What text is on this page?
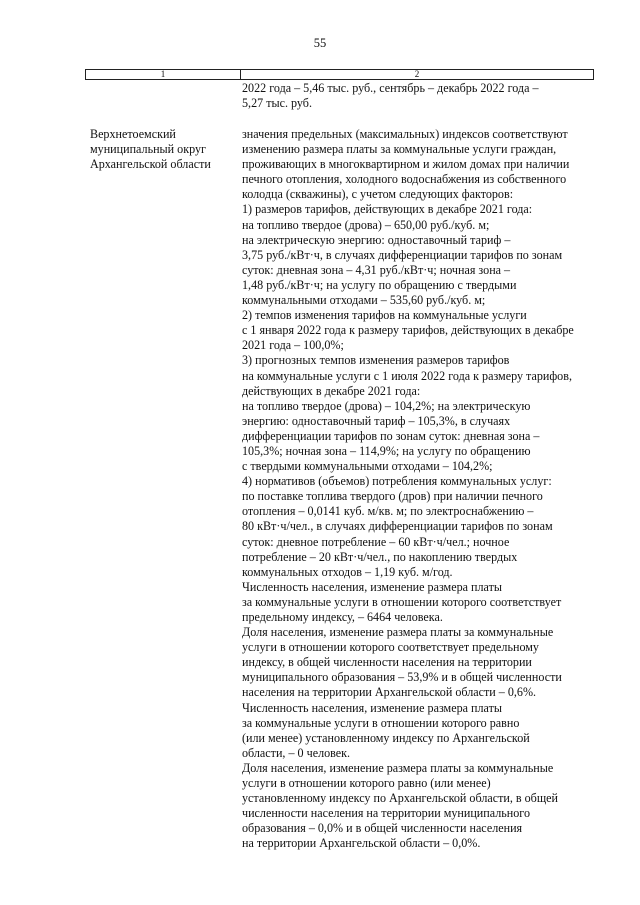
55
1	2
2022 года – 5,46 тыс. руб., сентябрь – декабрь 2022 года –
5,27 тыс. руб.
Верхнетоемский
муниципальный округ
Архангельской области
значения предельных (максимальных) индексов соответствуют
изменению размера платы за коммунальные услуги граждан,
проживающих в многоквартирном и жилом домах при наличии
печного отопления, холодного водоснабжения из собственного
колодца (скважины), с учетом следующих факторов:
1) размеров тарифов, действующих в декабре 2021 года:
на топливо твердое (дрова) – 650,00 руб./куб. м;
на электрическую энергию: одноставочный тариф –
3,75 руб./кВт·ч, в случаях дифференциации тарифов по зонам
суток: дневная зона – 4,31 руб./кВт·ч; ночная зона –
1,48 руб./кВт·ч; на услугу по обращению с твердыми
коммунальными отходами – 535,60 руб./куб. м;
2) темпов изменения тарифов на коммунальные услуги
с 1 января 2022 года к размеру тарифов, действующих в декабре
2021 года – 100,0%;
3) прогнозных темпов изменения размеров тарифов
на коммунальные услуги с 1 июля 2022 года к размеру тарифов,
действующих в декабре 2021 года:
на топливо твердое (дрова) – 104,2%; на электрическую
энергию: одноставочный тариф – 105,3%, в случаях
дифференциации тарифов по зонам суток: дневная зона –
105,3%; ночная зона – 114,9%; на услугу по обращению
с твердыми коммунальными отходами – 104,2%;
4) нормативов (объемов) потребления коммунальных услуг:
по поставке топлива твердого (дров) при наличии печного
отопления – 0,0141 куб. м/кв. м; по электроснабжению –
80 кВт·ч/чел., в случаях дифференциации тарифов по зонам
суток: дневное потребление – 60 кВт·ч/чел.; ночное
потребление – 20 кВт·ч/чел., по накоплению твердых
коммунальных отходов – 1,19 куб. м/год.
Численность населения, изменение размера платы
за коммунальные услуги в отношении которого соответствует
предельному индексу, – 6464 человека.
Доля населения, изменение размера платы за коммунальные
услуги в отношении которого соответствует предельному
индексу, в общей численности населения на территории
муниципального образования – 53,9% и в общей численности
населения на территории Архангельской области – 0,6%.
Численность населения, изменение размера платы
за коммунальные услуги в отношении которого равно
(или менее) установленному индексу по Архангельской
области, – 0 человек.
Доля населения, изменение размера платы за коммунальные
услуги в отношении которого равно (или менее)
установленному индексу по Архангельской области, в общей
численности населения на территории муниципального
образования – 0,0% и в общей численности населения
на территории Архангельской области – 0,0%.
